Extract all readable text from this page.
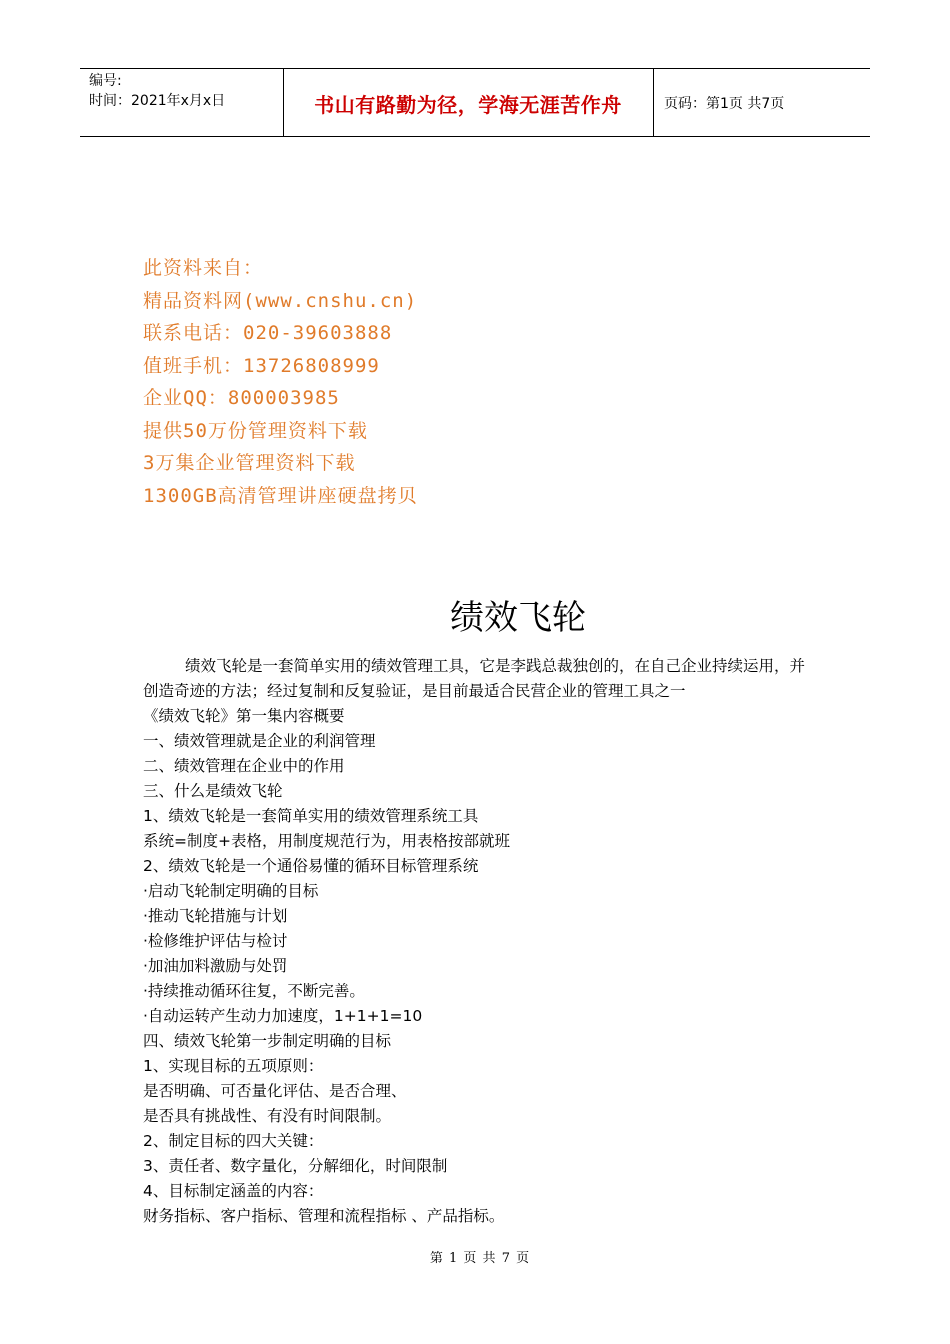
编号:
时间：2021年x月x日	书山有路勤为径，学海无涯苦作舟	页码：第1页 共7页
此资料来自：
精品资料网(www.cnshu.cn)
联系电话：020-39603888
值班手机：13726808999
企业QQ：800003985
提供50万份管理资料下载
3万集企业管理资料下载
1300GB高清管理讲座硬盘拷贝
绩效飞轮
绩效飞轮是一套简单实用的绩效管理工具，它是李践总裁独创的，在自己企业持续运用，并创造奇迹的方法；经过复制和反复验证，是目前最适合民营企业的管理工具之一
《绩效飞轮》第一集内容概要
一、绩效管理就是企业的利润管理
二、绩效管理在企业中的作用
三、什么是绩效飞轮
1、绩效飞轮是一套简单实用的绩效管理系统工具
系统=制度+表格，用制度规范行为，用表格按部就班
2、绩效飞轮是一个通俗易懂的循环目标管理系统
·启动飞轮制定明确的目标
·推动飞轮措施与计划
·检修维护评估与检讨
·加油加料激励与处罚
·持续推动循环往复，不断完善。
·自动运转产生动力加速度，1+1+1=10
四、绩效飞轮第一步制定明确的目标
1、实现目标的五项原则：
是否明确、可否量化评估、是否合理、
是否具有挑战性、有没有时间限制。
2、制定目标的四大关键：
3、责任者、数字量化，分解细化，时间限制
4、目标制定涵盖的内容：
财务指标、客户指标、管理和流程指标 、产品指标。
第 1 页 共 7 页
